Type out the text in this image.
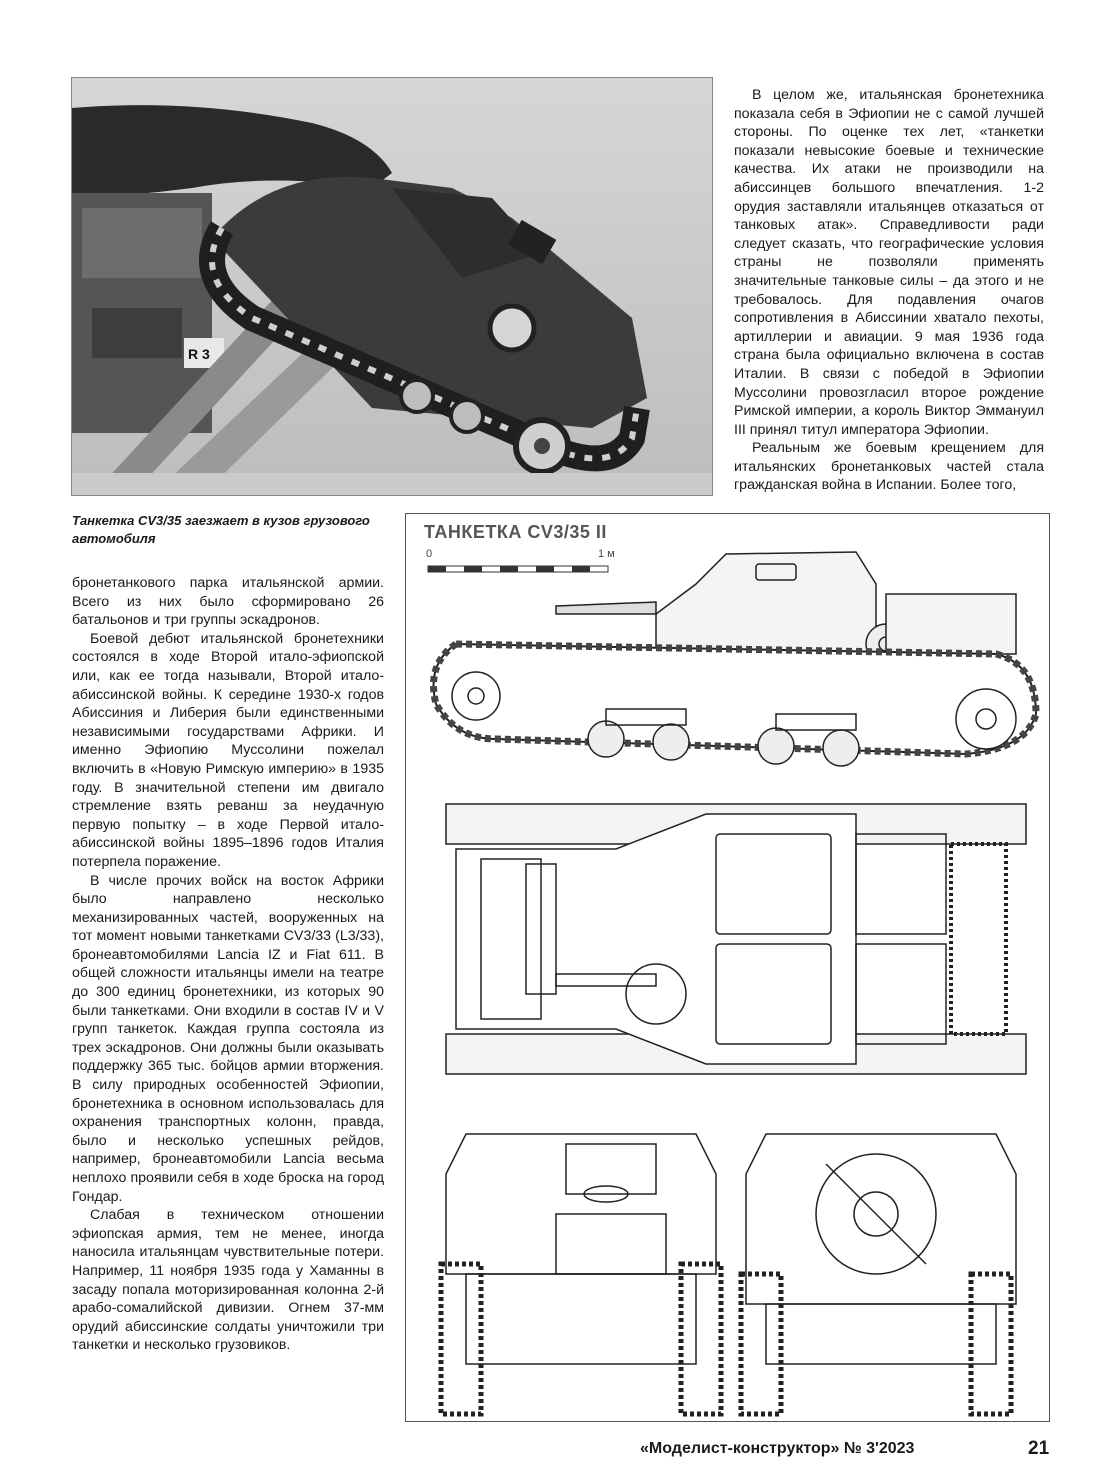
R 3
Танкетка CV3/35 заезжает в кузов грузового автомобиля

В целом же, итальянская бронетехника показала себя в Эфиопии не с самой лучшей стороны. По оценке тех лет, «танкетки показали невысокие боевые и технические качества. Их атаки не производили на абиссинцев большого впечатления. 1-2 орудия заставляли итальянцев отказаться от танковых атак». Справедливости ради следует сказать, что географические условия страны не позволяли применять значительные танковые силы – да этого и не требовалось. Для подавления очагов сопротивления в Абиссинии хватало пехоты, артиллерии и авиации. 9 мая 1936 года страна была официально включена в состав Италии. В связи с победой в Эфиопии Муссолини провозгласил второе рождение Римской империи, а король Виктор Эммануил III принял титул императора Эфиопии.

Реальным же боевым крещением для итальянских бронетанковых частей стала гражданская война в Испании. Более того,

бронетанкового парка итальянской армии. Всего из них было сформировано 26 батальонов и три группы эскадронов.

Боевой дебют итальянской бронетехники состоялся в ходе Второй итало-эфиопской или, как ее тогда называли, Второй итало-абиссинской войны. К середине 1930-х годов Абиссиния и Либерия были единственными независимыми государствами Африки. И именно Эфиопию Муссолини пожелал включить в «Новую Римскую империю» в 1935 году. В значительной степени им двигало стремление взять реванш за неудачную первую попытку – в ходе Первой итало-абиссинской войны 1895–1896 годов Италия потерпела поражение.

В числе прочих войск на восток Африки было направлено несколько механизированных частей, вооруженных на тот момент новыми танкетками CV3/33 (L3/33), бронеавтомобилями Lancia IZ и Fiat 611. В общей сложности итальянцы имели на театре до 300 единиц бронетехники, из которых 90 были танкетками. Они входили в состав IV и V групп танкеток. Каждая группа состояла из трех эскадронов. Они должны были оказывать поддержку 365 тыс. бойцов армии вторжения. В силу природных особенностей Эфиопии, бронетехника в основном использовалась для охранения транспортных колонн, правда, было и несколько успешных рейдов, например, бронеавтомобили Lancia весьма неплохо проявили себя в ходе броска на город Гондар.

Слабая в техническом отношении эфиопская армия, тем не менее, иногда наносила итальянцам чувствительные потери. Например, 11 ноября 1935 года у Хаманны в засаду попала моторизированная колонна 2-й арабо-сомалийской дивизии. Огнем 37-мм орудий абиссинские солдаты уничтожили три танкетки и несколько грузовиков.

ТАНКЕТКА CV3/35 II
0	1 м
«Моделист-конструктор» № 3'2023	21
